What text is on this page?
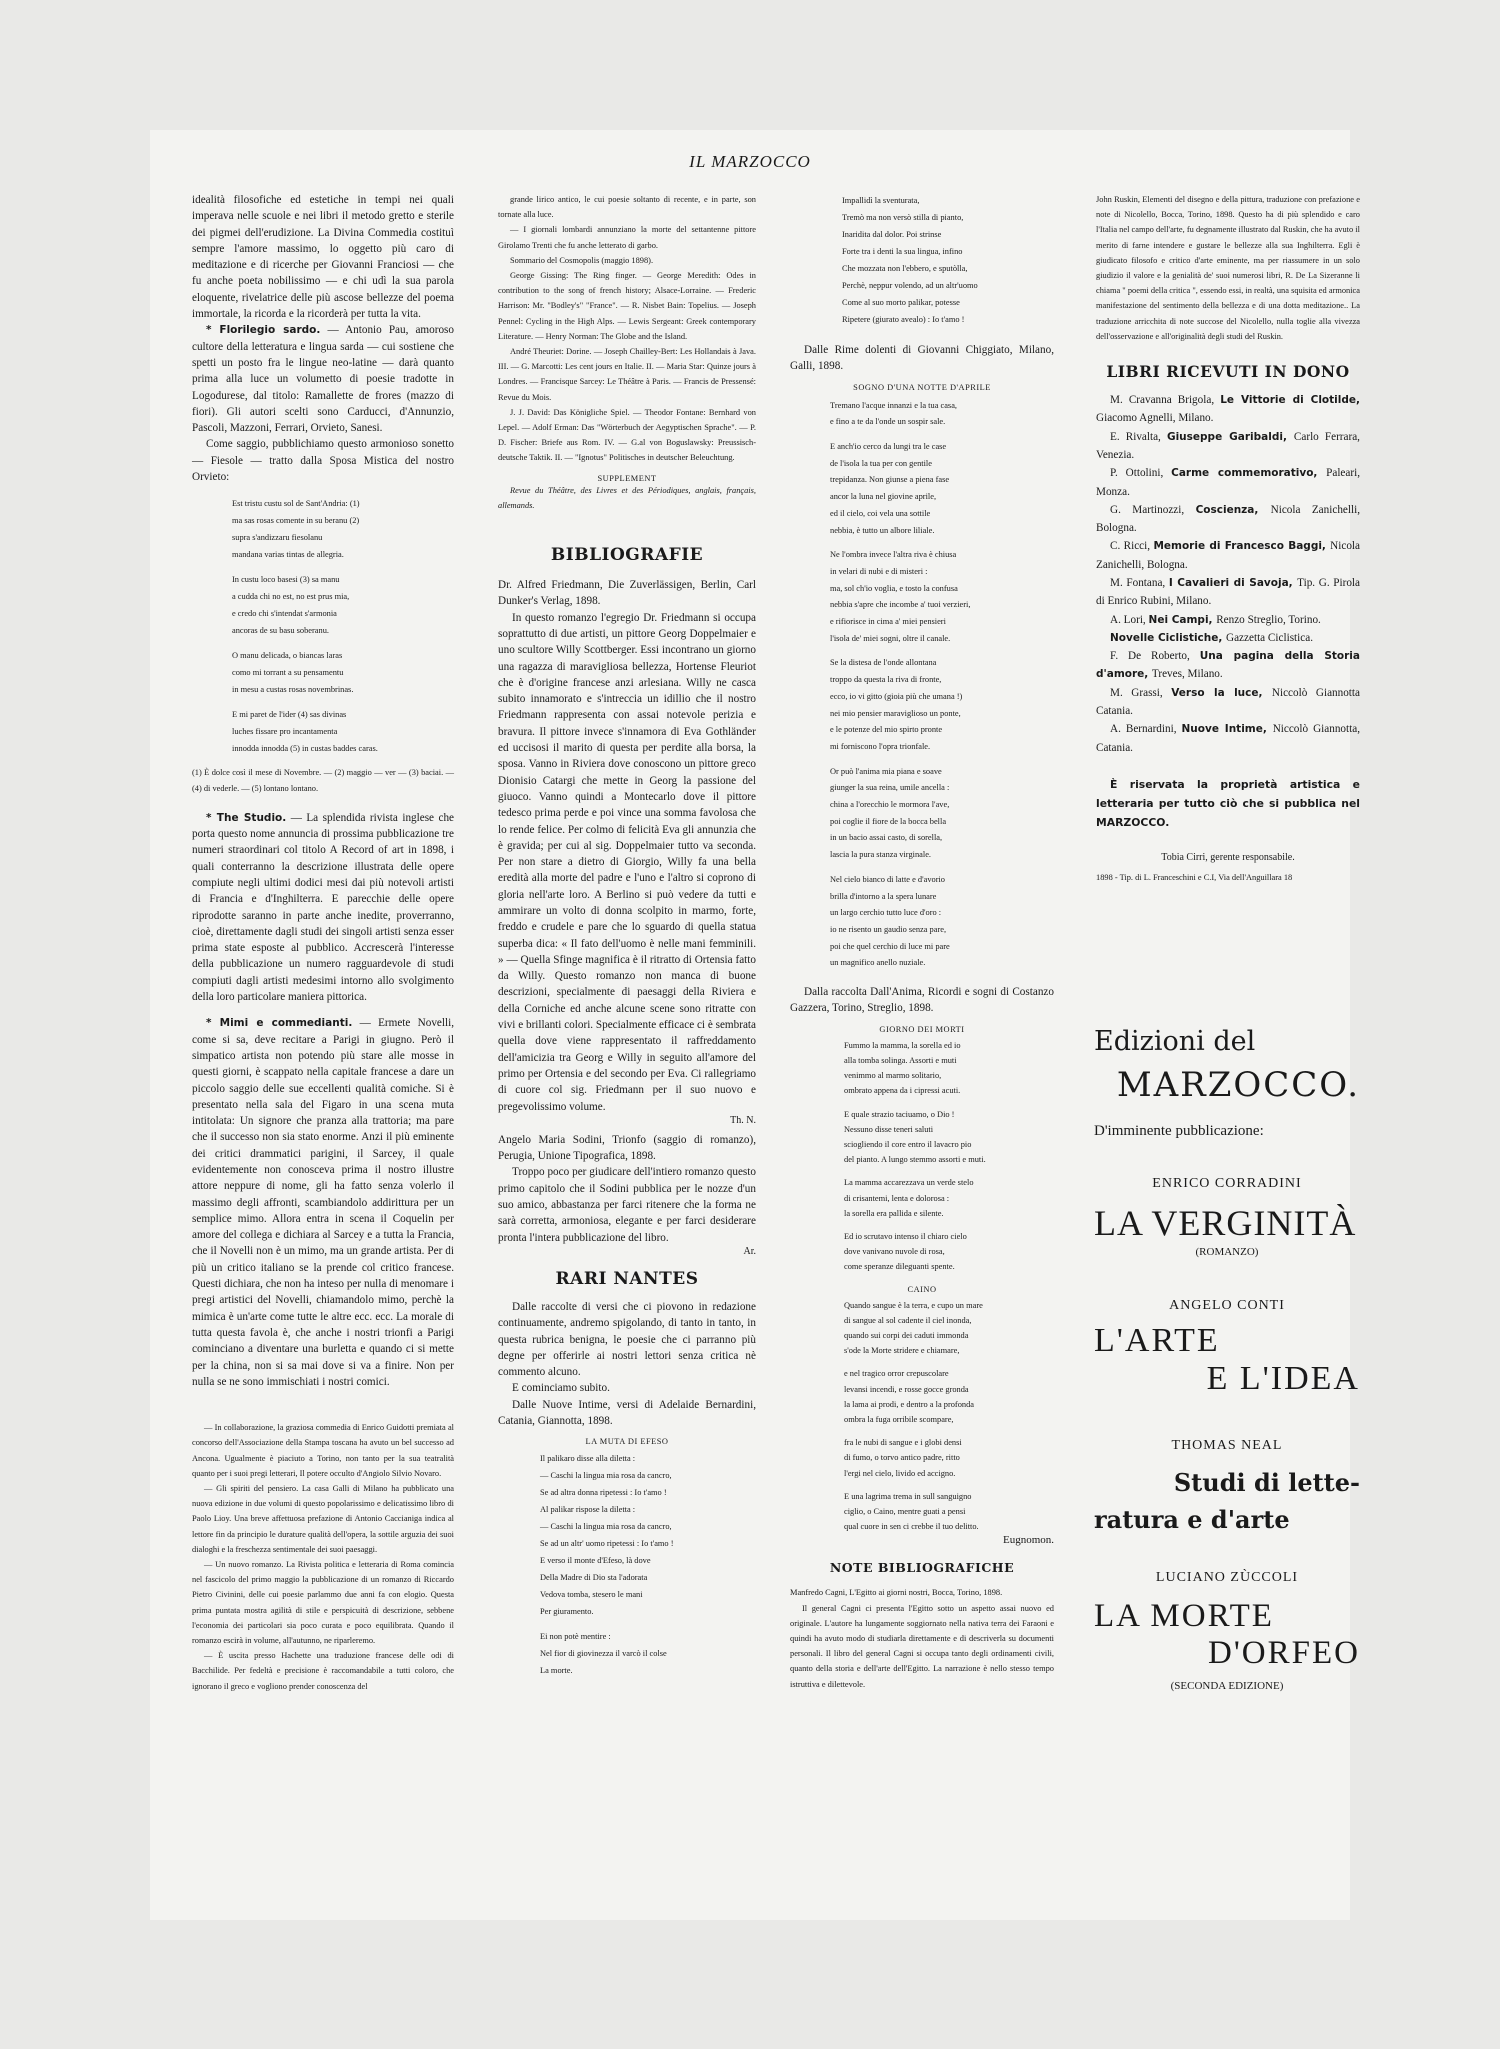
IL MARZOCCO

idealità filosofiche ed estetiche in tempi nei quali imperava nelle scuole e nei libri il metodo gretto e sterile dei pigmei dell'erudizione. La Divina Commedia costituì sempre l'amore massimo, lo oggetto più caro di meditazione e di ricerche per Giovanni Franciosi — che fu anche poeta nobilissimo — e chi udì la sua parola eloquente, rivelatrice delle più ascose bellezze del poema immortale, la ricorda e la ricorderà per tutta la vita.

* Florilegio sardo. — Antonio Pau, amoroso cultore della letteratura e lingua sarda — cui sostiene che spetti un posto fra le lingue neo-latine — darà quanto prima alla luce un volumetto di poesie tradotte in Logodurese, dal titolo: Ramallette de frores (mazzo di fiori). Gli autori scelti sono Carducci, d'Annunzio, Pascoli, Mazzoni, Ferrari, Orvieto, Sanesi.

Come saggio, pubblichiamo questo armonioso sonetto — Fiesole — tratto dalla Sposa Mistica del nostro Orvieto:

Est tristu custu sol de Sant'Andria: (1)
ma sas rosas comente in su beranu (2)
supra s'andizzaru fiesolanu
mandana varias tintas de allegria.
In custu loco basesi (3) sa manu
a cudda chi no est, no est prus mia,
e credo chi s'intendat s'armonia
ancoras de su basu soberanu.
O manu delicada, o biancas laras
como mi torrant a su pensamentu
in mesu a custas rosas novembrinas.
E mi paret de l'ider (4) sas divinas
luches fissare pro incantamenta
innodda innodda (5) in custas baddes caras.

(1) È dolce così il mese di Novembre. — (2) maggio — ver — (3) baciai. — (4) di vederle. — (5) lontano lontano.

* The Studio. — La splendida rivista inglese che porta questo nome annuncia di prossima pubblicazione tre numeri straordinari col titolo A Record of art in 1898, i quali conterranno la descrizione illustrata delle opere compiute negli ultimi dodici mesi dai più notevoli artisti di Francia e d'Inghilterra. E parecchie delle opere riprodotte saranno in parte anche inedite, proverranno, cioè, direttamente dagli studi dei singoli artisti senza esser prima state esposte al pubblico. Accrescerà l'interesse della pubblicazione un numero ragguardevole di studi compiuti dagli artisti medesimi intorno allo svolgimento della loro particolare maniera pittorica.

* Mimi e commedianti. — Ermete Novelli, come si sa, deve recitare a Parigi in giugno. Però il simpatico artista non potendo più stare alle mosse in questi giorni, è scappato nella capitale francese a dare un piccolo saggio delle sue eccellenti qualità comiche. Si è presentato nella sala del Figaro in una scena muta intitolata: Un signore che pranza alla trattoria; ma pare che il successo non sia stato enorme. Anzi il più eminente dei critici drammatici parigini, il Sarcey, il quale evidentemente non conosceva prima il nostro illustre attore neppure di nome, gli ha fatto senza volerlo il massimo degli affronti, scambiandolo addirittura per un semplice mimo. Allora entra in scena il Coquelin per amore del collega e dichiara al Sarcey e a tutta la Francia, che il Novelli non è un mimo, ma un grande artista. Per di più un critico italiano se la prende col critico francese. Questi dichiara, che non ha inteso per nulla di menomare i pregi artistici del Novelli, chiamandolo mimo, perchè la mimica è un'arte come tutte le altre ecc. ecc. La morale di tutta questa favola è, che anche i nostri trionfi a Parigi cominciano a diventare una burletta e quando ci si mette per la china, non si sa mai dove si va a finire. Non per nulla se ne sono immischiati i nostri comici.

— In collaborazione, la graziosa commedia di Enrico Guidotti premiata al concorso dell'Associazione della Stampa toscana ha avuto un bel successo ad Ancona. Ugualmente è piaciuto a Torino, non tanto per la sua teatralità quanto per i suoi pregi letterari, Il potere occulto d'Angiolo Silvio Novaro.

— Gli spiriti del pensiero. La casa Galli di Milano ha pubblicato una nuova edizione in due volumi di questo popolarissimo e delicatissimo libro di Paolo Lioy. Una breve affettuosa prefazione di Antonio Caccianiga indica al lettore fin da principio le durature qualità dell'opera, la sottile arguzia dei suoi dialoghi e la freschezza sentimentale dei suoi paesaggi.

— Un nuovo romanzo. La Rivista politica e letteraria di Roma comincia nel fascicolo del primo maggio la pubblicazione di un romanzo di Riccardo Pietro Civinini, delle cui poesie parlammo due anni fa con elogio. Questa prima puntata mostra agilità di stile e perspicuità di descrizione, sebbene l'economia dei particolari sia poco curata e poco equilibrata. Quando il romanzo escirà in volume, all'autunno, ne riparleremo.

— È uscita presso Hachette una traduzione francese delle odi di Bacchilide. Per fedeltà e precisione è raccomandabile a tutti coloro, che ignorano il greco e vogliono prender conoscenza del

grande lirico antico, le cui poesie soltanto di recente, e in parte, son tornate alla luce.

— I giornali lombardi annunziano la morte del settantenne pittore Girolamo Trenti che fu anche letterato di garbo.

Sommario del Cosmopolis (maggio 1898).

George Gissing: The Ring finger. — George Meredith: Odes in contribution to the song of french history; Alsace-Lorraine. — Frederic Harrison: Mr. "Bodley's" "France". — R. Nisbet Bain: Topelius. — Joseph Pennel: Cycling in the High Alps. — Lewis Sergeant: Greek contemporary Literature. — Henry Norman: The Globe and the Island.

André Theuriet: Dorine. — Joseph Chailley-Bert: Les Hollandais à Java. III. — G. Marcotti: Les cent jours en Italie. II. — Maria Star: Quinze jours à Londres. — Francisque Sarcey: Le Théâtre à Paris. — Francis de Pressensé: Revue du Mois.

J. J. David: Das Königliche Spiel. — Theodor Fontane: Bernhard von Lepel. — Adolf Erman: Das "Wörterbuch der Aegyptischen Sprache". — P. D. Fischer: Briefe aus Rom. IV. — G.al von Boguslawsky: Preussisch-deutsche Taktik. II. — "Ignotus" Politisches in deutscher Beleuchtung.

SUPPLEMENT

Revue du Théâtre, des Livres et des Périodiques, anglais, français, allemands.

BIBLIOGRAFIE

Dr. Alfred Friedmann, Die Zuverlässigen, Berlin, Carl Dunker's Verlag, 1898.

In questo romanzo l'egregio Dr. Friedmann si occupa soprattutto di due artisti, un pittore Georg Doppelmaier e uno scultore Willy Scottberger. Essi incontrano un giorno una ragazza di maravigliosa bellezza, Hortense Fleuriot che è d'origine francese anzi arlesiana. Willy ne casca subito innamorato e s'intreccia un idillio che il nostro Friedmann rappresenta con assai notevole perizia e bravura. Il pittore invece s'innamora di Eva Gothländer ed uccisosi il marito di questa per perdite alla borsa, la sposa. Vanno in Riviera dove conoscono un pittore greco Dionisio Catargi che mette in Georg la passione del giuoco. Vanno quindi a Montecarlo dove il pittore tedesco prima perde e poi vince una somma favolosa che lo rende felice. Per colmo di felicità Eva gli annunzia che è gravida; per cui al sig. Doppelmaier tutto va seconda. Per non stare a dietro di Giorgio, Willy fa una bella eredità alla morte del padre e l'uno e l'altro si coprono di gloria nell'arte loro. A Berlino si può vedere da tutti e ammirare un volto di donna scolpito in marmo, forte, freddo e crudele e pare che lo sguardo di quella statua superba dica: « Il fato dell'uomo è nelle mani femminili. » — Quella Sfinge magnifica è il ritratto di Ortensia fatto da Willy. Questo romanzo non manca di buone descrizioni, specialmente di paesaggi della Riviera e della Corniche ed anche alcune scene sono ritratte con vivi e brillanti colori. Specialmente efficace ci è sembrata quella dove viene rappresentato il raffreddamento dell'amicizia tra Georg e Willy in seguito all'amore del primo per Ortensia e del secondo per Eva. Ci rallegriamo di cuore col sig. Friedmann per il suo nuovo e pregevolissimo volume.

Th. N.

Angelo Maria Sodini, Trionfo (saggio di romanzo), Perugia, Unione Tipografica, 1898.

Troppo poco per giudicare dell'intiero romanzo questo primo capitolo che il Sodini pubblica per le nozze d'un suo amico, abbastanza per farci ritenere che la forma ne sarà corretta, armoniosa, elegante e per farci desiderare pronta l'intera pubblicazione del libro.

Ar.

RARI NANTES

Dalle raccolte di versi che ci piovono in redazione continuamente, andremo spigolando, di tanto in tanto, in questa rubrica benigna, le poesie che ci parranno più degne per offerirle ai nostri lettori senza critica nè commento alcuno.

E cominciamo subito.

Dalle Nuove Intime, versi di Adelaide Bernardini, Catania, Giannotta, 1898.

LA MUTA DI EFESO
Il palikaro disse alla diletta :
— Caschi la lingua mia rosa da cancro,
Se ad altra donna ripetessi : Io t'amo !
Al palikar rispose la diletta :
— Caschi la lingua mia rosa da cancro,
Se ad un altr' uomo ripetessi : Io t'amo !
E verso il monte d'Efeso, là dove
Della Madre di Dio sta l'adorata
Vedova tomba, stesero le mani
Per giuramento.
Ei non potè mentire :
Nel fior di giovinezza il varcò il colse
La morte.
Impallidì la sventurata,
Tremò ma non versò stilla di pianto,
Inaridita dal dolor. Poi strinse
Forte tra i denti la sua lingua, infino
Che mozzata non l'ebbero, e sputòlla,
Perchè, neppur volendo, ad un altr'uomo
Come al suo morto palikar, potesse
Ripetere (giurato avealo) : Io t'amo !

Dalle Rime dolenti di Giovanni Chiggiato, Milano, Galli, 1898.

SOGNO D'UNA NOTTE D'APRILE
Tremano l'acque innanzi e la tua casa,
e fino a te da l'onde un sospir sale.
E anch'io cerco da lungi tra le case
de l'isola la tua per con gentile
trepidanza. Non giunse a piena fase
ancor la luna nel giovine aprile,
ed il cielo, coi vela una sottile
nebbia, è tutto un albore liliale.
Ne l'ombra invece l'altra riva è chiusa
in velari di nubi e di misteri :
ma, sol ch'io voglia, e tosto la confusa
nebbia s'apre che incombe a' tuoi verzieri,
e rifiorisce in cima a' miei pensieri
l'isola de' miei sogni, oltre il canale.
Se la distesa de l'onde allontana
troppo da questa la riva di fronte,
ecco, io vi gitto (gioia più che umana !)
nei mio pensier maraviglioso un ponte,
e le potenze del mio spirto pronte
mi forniscono l'opra trionfale.
Or può l'anima mia piana e soave
giunger la sua reina, umile ancella :
china a l'orecchio le mormora l'ave,
poi coglie il fiore de la bocca bella
in un bacio assai casto, di sorella,
lascia la pura stanza virginale.
Nel cielo bianco di latte e d'avorio
brilla d'intorno a la spera lunare
un largo cerchio tutto luce d'oro :
io ne risento un gaudio senza pare,
poi che quel cerchio di luce mi pare
un magnifico anello nuziale.

Dalla raccolta Dall'Anima, Ricordi e sogni di Costanzo Gazzera, Torino, Streglio, 1898.

GIORNO DEI MORTI
Fummo la mamma, la sorella ed io
alla tomba solinga. Assorti e muti
venimmo al marmo solitario,
ombrato appena da i cipressi acuti.
E quale strazio taciuamo, o Dio !
Nessuno disse teneri saluti
sciogliendo il core entro il lavacro pio
del pianto. A lungo stemmo assorti e muti.
La mamma accarezzava un verde stelo
di crisantemi, lenta e dolorosa :
la sorella era pallida e silente.
Ed io scrutavo intenso il chiaro cielo
dove vanivano nuvole di rosa,
come speranze dileguanti spente.
CAINO
Quando sangue è la terra, e cupo un mare
di sangue al sol cadente il ciel inonda,
quando sui corpi dei caduti immonda
s'ode la Morte stridere e chiamare,
e nel tragico orror crepuscolare
levansi incendi, e rosse gocce gronda
la lama ai prodi, e dentro a la profonda
ombra la fuga orribile scompare,
fra le nubi di sangue e i globi densi
di fumo, o torvo antico padre, ritto
l'ergi nel cielo, livido ed accigno.
E una lagrima trema in sull sanguigno
ciglio, o Caino, mentre guati a pensi
qual cuore in sen ci crebbe il tuo delitto.

Eugnomon.

NOTE BIBLIOGRAFICHE

Manfredo Cagni, L'Egitto ai giorni nostri, Bocca, Torino, 1898.

Il general Cagni ci presenta l'Egitto sotto un aspetto assai nuovo ed originale. L'autore ha lungamente soggiornato nella nativa terra dei Faraoni e quindi ha avuto modo di studiarla direttamente e di descriverla su documenti personali. Il libro del general Cagni si occupa tanto degli ordinamenti civili, quanto della storia e dell'arte dell'Egitto. La narrazione è nello stesso tempo istruttiva e dilettevole.

John Ruskin, Elementi del disegno e della pittura, traduzione con prefazione e note di Nicolello, Bocca, Torino, 1898. Questo ha di più splendido e caro l'Italia nel campo dell'arte, fu degnamente illustrato dal Ruskin, che ha avuto il merito di farne intendere e gustare le bellezze alla sua Inghilterra. Egli è giudicato filosofo e critico d'arte eminente, ma per riassumere in un solo giudizio il valore e la genialità de' suoi numerosi libri, R. De La Sizeranne li chiama " poemi della critica ", essendo essi, in realtà, una squisita ed armonica manifestazione del sentimento della bellezza e di una dotta meditazione.. La traduzione arricchita di note succose del Nicolello, nulla toglie alla vivezza dell'osservazione e all'originalità degli studi del Ruskin.

LIBRI RICEVUTI IN DONO

M. Cravanna Brigola, Le Vittorie di Clotilde, Giacomo Agnelli, Milano.

E. Rivalta, Giuseppe Garibaldi, Carlo Ferrara, Venezia.

P. Ottolini, Carme commemorativo, Paleari, Monza.

G. Martinozzi, Coscienza, Nicola Zanichelli, Bologna.

C. Ricci, Memorie di Francesco Baggi, Nicola Zanichelli, Bologna.

M. Fontana, I Cavalieri di Savoja, Tip. G. Pirola di Enrico Rubini, Milano.

A. Lori, Nei Campi, Renzo Streglio, Torino.

Novelle Ciclistiche, Gazzetta Ciclistica.

F. De Roberto, Una pagina della Storia d'amore, Treves, Milano.

M. Grassi, Verso la luce, Niccolò Giannotta Catania.

A. Bernardini, Nuove Intime, Niccolò Giannotta, Catania.

È riservata la proprietà artistica e letteraria per tutto ciò che si pubblica nel MARZOCCO.

Tobia Cirri, gerente responsabile.

1898 - Tip. di L. Franceschini e C.I, Via dell'Anguillara 18

Edizioni del
MARZOCCO.
D'imminente pubblicazione:
ENRICO CORRADINI
LA VERGINITÀ
(ROMANZO)
ANGELO CONTI
L'ARTE
E L'IDEA
THOMAS NEAL
Studi di lette-
ratura e d'arte
LUCIANO ZÙCCOLI
LA MORTE
D'ORFEO
(SECONDA EDIZIONE)
